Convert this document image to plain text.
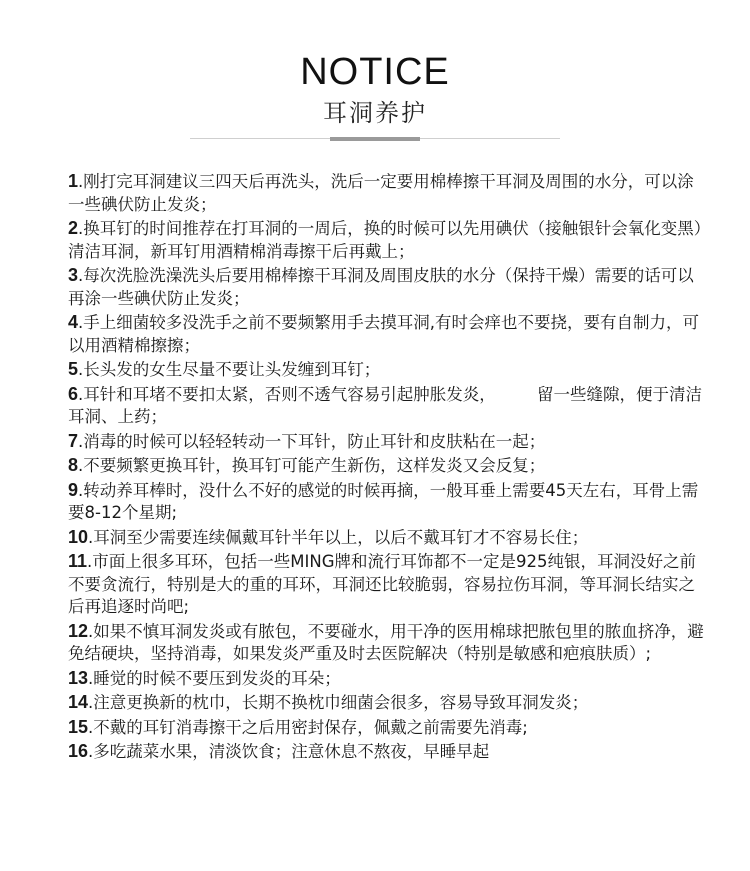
NOTICE
耳洞养护
1.刚打完耳洞建议三四天后再洗头，洗后一定要用棉棒擦干耳洞及周围的水分，可以涂一些碘伏防止发炎；
2.换耳钉的时间推荐在打耳洞的一周后，换的时候可以先用碘伏（接触银针会氧化变黑）清洁耳洞，新耳钉用酒精棉消毒擦干后再戴上；
3.每次洗脸洗澡洗头后要用棉棒擦干耳洞及周围皮肤的水分（保持干燥）需要的话可以再涂一些碘伏防止发炎；
4.手上细菌较多没洗手之前不要频繁用手去摸耳洞,有时会痒也不要挠，要有自制力，可以用酒精棉擦擦；
5.长头发的女生尽量不要让头发缠到耳钉；
6.耳针和耳堵不要扣太紧，否则不透气容易引起肿胀发炎，　　　留一些缝隙，便于清洁耳洞、上药；
7.消毒的时候可以轻轻转动一下耳针，防止耳针和皮肤粘在一起；
8.不要频繁更换耳针，换耳钉可能产生新伤，这样发炎又会反复；
9.转动养耳棒时，没什么不好的感觉的时候再摘，一般耳垂上需要45天左右，耳骨上需要8-12个星期;
10.耳洞至少需要连续佩戴耳针半年以上，以后不戴耳钉才不容易长住；
11.市面上很多耳环，包括一些MING牌和流行耳饰都不一定是925纯银，耳洞没好之前　　不要贪流行，特别是大的重的耳环，耳洞还比较脆弱，容易拉伤耳洞，等耳洞长结实之后再追逐时尚吧;
12.如果不慎耳洞发炎或有脓包，不要碰水，用干净的医用棉球把脓包里的脓血挤净，避免结硬块，坚持消毒，如果发炎严重及时去医院解决（特别是敏感和疤痕肤质）;
13.睡觉的时候不要压到发炎的耳朵；
14.注意更换新的枕巾，长期不换枕巾细菌会很多，容易导致耳洞发炎；
15.不戴的耳钉消毒擦干之后用密封保存，佩戴之前需要先消毒;
16.多吃蔬菜水果，清淡饮食；注意休息不熬夜，早睡早起
